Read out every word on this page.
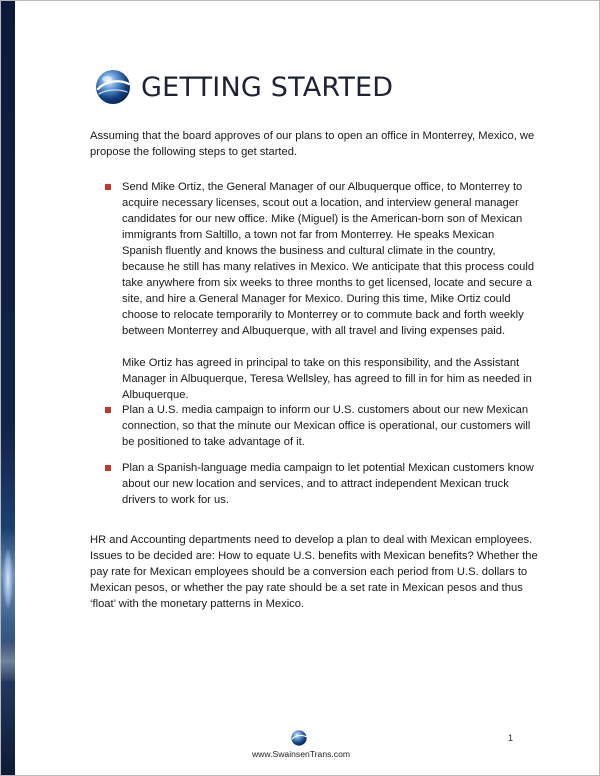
GETTING STARTED

Assuming that the board approves of our plans to open an office in Monterrey, Mexico, we propose the following steps to get started.

Send Mike Ortiz, the General Manager of our Albuquerque office, to Monterrey to acquire necessary licenses, scout out a location, and interview general manager candidates for our new office. Mike (Miguel) is the American-born son of Mexican immigrants from Saltillo, a town not far from Monterrey. He speaks Mexican Spanish fluently and knows the business and cultural climate in the country, because he still has many relatives in Mexico. We anticipate that this process could take anywhere from six weeks to three months to get licensed, locate and secure a site, and hire a General Manager for Mexico. During this time, Mike Ortiz could choose to relocate temporarily to Monterrey or to commute back and forth weekly between Monterrey and Albuquerque, with all travel and living expenses paid.
Mike Ortiz has agreed in principal to take on this responsibility, and the Assistant Manager in Albuquerque, Teresa Wellsley, has agreed to fill in for him as needed in Albuquerque.
Plan a U.S. media campaign to inform our U.S. customers about our new Mexican connection, so that the minute our Mexican office is operational, our customers will be positioned to take advantage of it.
Plan a Spanish-language media campaign to let potential Mexican customers know about our new location and services, and to attract independent Mexican truck drivers to work for us.

HR and Accounting departments need to develop a plan to deal with Mexican employees. Issues to be decided are: How to equate U.S. benefits with Mexican benefits? Whether the pay rate for Mexican employees should be a conversion each period from U.S. dollars to Mexican pesos, or whether the pay rate should be a set rate in Mexican pesos and thus ‘float’ with the monetary patterns in Mexico.

www.SwainsenTrans.com
1
